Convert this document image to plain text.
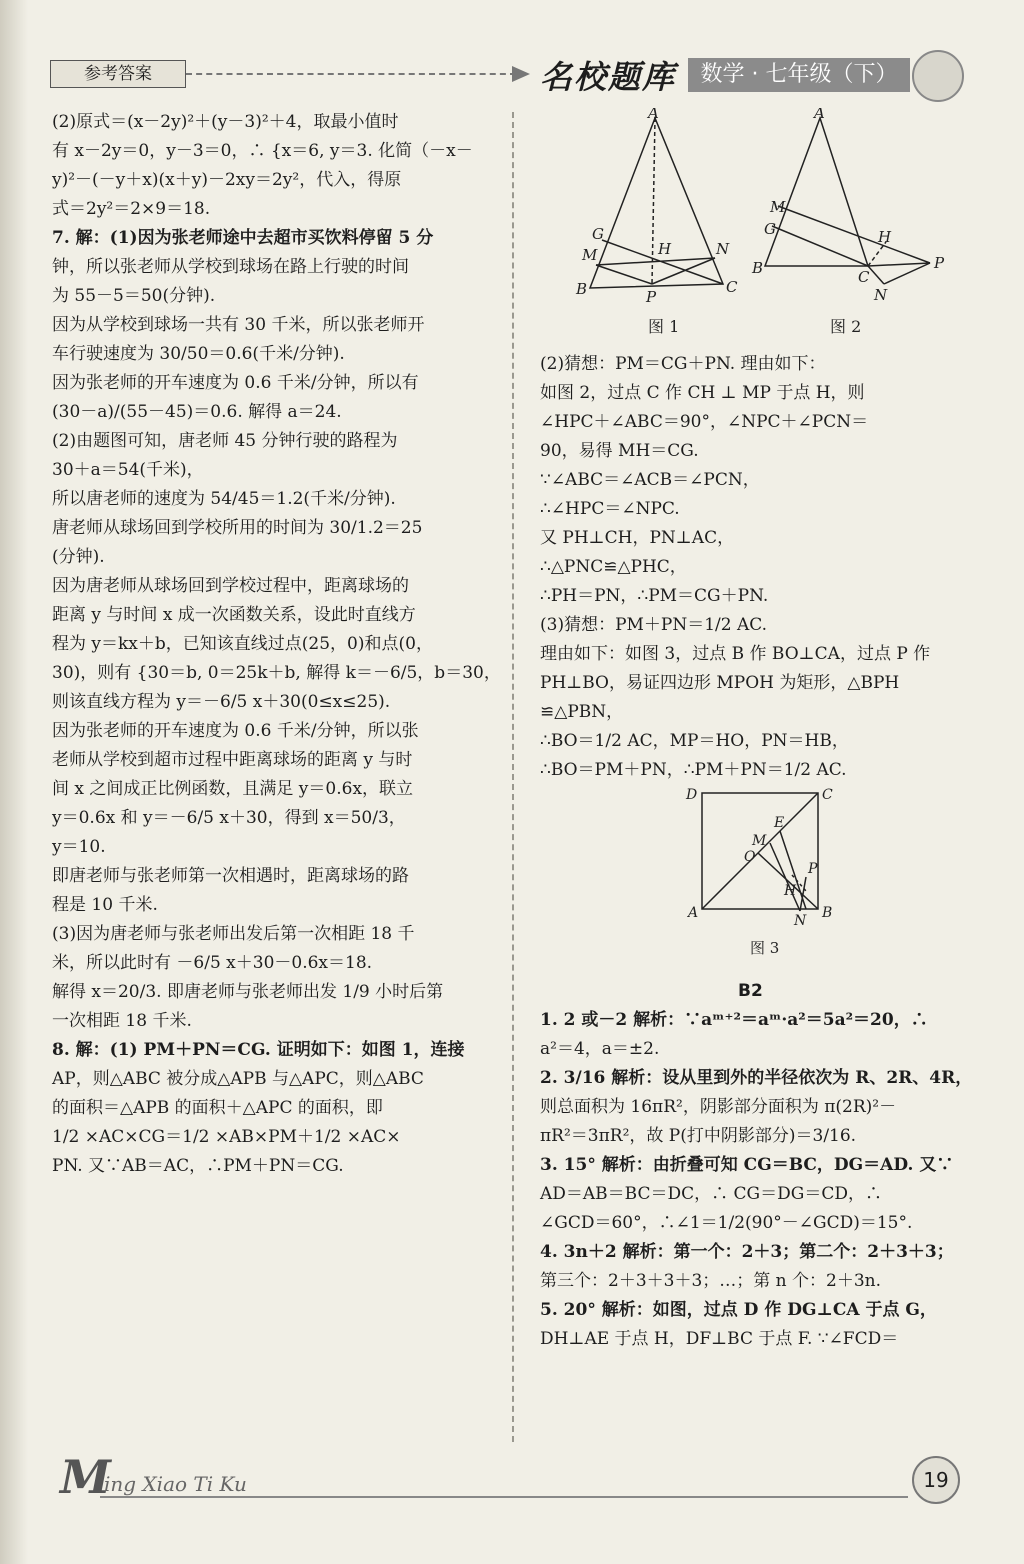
参考答案	名校题库	数学 · 七年级（下）
(2)原式＝(x－2y)²＋(y－3)²＋4，取最小值时
有 x－2y＝0，y－3＝0，∴ {x＝6, y＝3. 化简（－x－
y)²－(－y＋x)(x＋y)－2xy＝2y²，代入，得原
式＝2y²＝2×9＝18.
7. 解：(1)因为张老师途中去超市买饮料停留 5 分
钟，所以张老师从学校到球场在路上行驶的时间
为 55－5＝50(分钟).
因为从学校到球场一共有 30 千米，所以张老师开
车行驶速度为 30/50＝0.6(千米/分钟).
因为张老师的开车速度为 0.6 千米/分钟，所以有
(30－a)/(55－45)＝0.6. 解得 a＝24.
(2)由题图可知，唐老师 45 分钟行驶的路程为
30＋a＝54(千米)，
所以唐老师的速度为 54/45＝1.2(千米/分钟).
唐老师从球场回到学校所用的时间为 30/1.2＝25
(分钟).
因为唐老师从球场回到学校过程中，距离球场的
距离 y 与时间 x 成一次函数关系，设此时直线方
程为 y＝kx＋b，已知该直线过点(25，0)和点(0，
30)，则有 {30＝b, 0＝25k＋b, 解得 k＝－6/5，b＝30，
则该直线方程为 y＝－6/5 x＋30(0≤x≤25).
因为张老师的开车速度为 0.6 千米/分钟，所以张
老师从学校到超市过程中距离球场的距离 y 与时
间 x 之间成正比例函数，且满足 y＝0.6x，联立
y＝0.6x 和 y＝－6/5 x＋30，得到 x＝50/3，
y＝10.
即唐老师与张老师第一次相遇时，距离球场的路
程是 10 千米.
(3)因为唐老师与张老师出发后第一次相距 18 千
米，所以此时有 －6/5 x＋30－0.6x＝18.
解得 x＝20/3. 即唐老师与张老师出发 1/9 小时后第
一次相距 18 千米.
8. 解：(1) PM＋PN＝CG. 证明如下：如图 1，连接
AP，则△ABC 被分成△APB 与△APC，则△ABC
的面积＝△APB 的面积＋△APC 的面积，即
1/2 ×AC×CG＝1/2 ×AB×PM＋1/2 ×AC×
PN. 又∵AB＝AC，∴PM＋PN＝CG.
A
G
H
M	N
B	P
C
A
M
G	H
B	C
P
N
图 1	图 2
(2)猜想：PM＝CG＋PN. 理由如下：
如图 2，过点 C 作 CH ⊥ MP 于点 H，则
∠HPC＋∠ABC＝90°，∠NPC＋∠PCN＝
90，易得 MH＝CG.
∵∠ABC＝∠ACB＝∠PCN，
∴∠HPC＝∠NPC.
又 PH⊥CH，PN⊥AC，
∴△PNC≌△PHC，
∴PH＝PN，∴PM＝CG＋PN.
(3)猜想：PM＋PN＝1/2 AC.
理由如下：如图 3，过点 B 作 BO⊥CA，过点 P 作
PH⊥BO，易证四边形 MPOH 为矩形，△BPH
≌△PBN，
∴BO＝1/2 AC，MP＝HO，PN＝HB，
∴BO＝PM＋PN，∴PM＋PN＝1/2 AC.
D	C
E
M
O
P
H
A	N B
图 3
B2
1. 2 或－2 解析：∵aᵐ⁺²＝aᵐ·a²＝5a²＝20，∴
a²＝4，a＝±2.
2. 3/16 解析：设从里到外的半径依次为 R、2R、4R，
则总面积为 16πR²，阴影部分面积为 π(2R)²－
πR²＝3πR²，故 P(打中阴影部分)＝3/16.
3. 15° 解析：由折叠可知 CG＝BC，DG＝AD. 又∵
AD＝AB＝BC＝DC，∴ CG＝DG＝CD，∴
∠GCD＝60°，∴∠1＝1/2(90°－∠GCD)＝15°.
4. 3n＋2 解析：第一个：2＋3；第二个：2＋3＋3；
第三个：2＋3＋3＋3；…；第 n 个：2＋3n.
5. 20° 解析：如图，过点 D 作 DG⊥CA 于点 G，
DH⊥AE 于点 H，DF⊥BC 于点 F. ∵∠FCD＝
M
ing Xiao Ti Ku	19
